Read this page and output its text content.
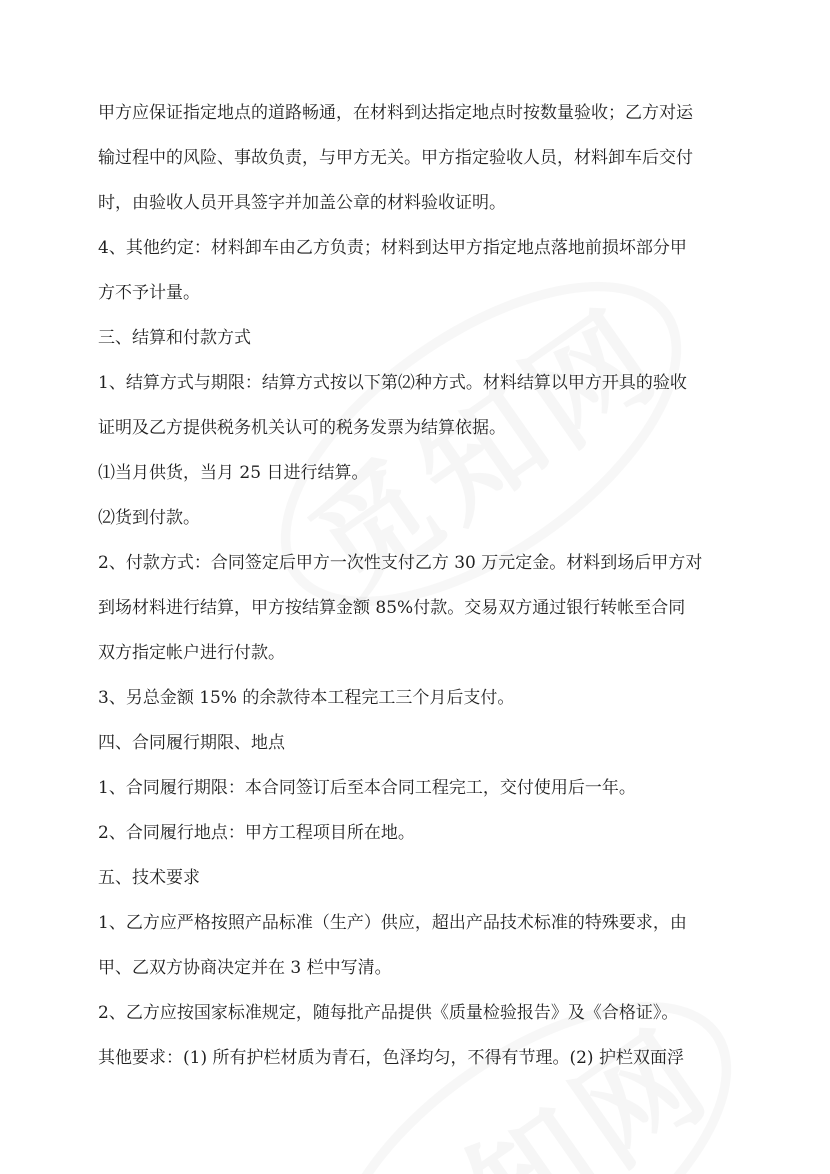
甲方应保证指定地点的道路畅通，在材料到达指定地点时按数量验收；乙方对运
输过程中的风险、事故负责，与甲方无关。甲方指定验收人员，材料卸车后交付
时，由验收人员开具签字并加盖公章的材料验收证明。
4、其他约定：材料卸车由乙方负责；材料到达甲方指定地点落地前损坏部分甲
方不予计量。
三、结算和付款方式
1、结算方式与期限：结算方式按以下第⑵种方式。材料结算以甲方开具的验收
证明及乙方提供税务机关认可的税务发票为结算依据。
⑴当月供货，当月 25 日进行结算。
⑵货到付款。
2、付款方式：合同签定后甲方一次性支付乙方 30 万元定金。材料到场后甲方对
到场材料进行结算，甲方按结算金额 85%付款。交易双方通过银行转帐至合同
双方指定帐户进行付款。
3、另总金额 15% 的余款待本工程完工三个月后支付。
四、合同履行期限、地点
1、合同履行期限：本合同签订后至本合同工程完工，交付使用后一年。
2、合同履行地点：甲方工程项目所在地。
五、技术要求
1、乙方应严格按照产品标准（生产）供应，超出产品技术标准的特殊要求，由
甲、乙双方协商决定并在 3 栏中写清。
2、乙方应按国家标准规定，随每批产品提供《质量检验报告》及《合格证》。
其他要求：(1) 所有护栏材质为青石，色泽均匀，不得有节理。(2) 护栏双面浮
